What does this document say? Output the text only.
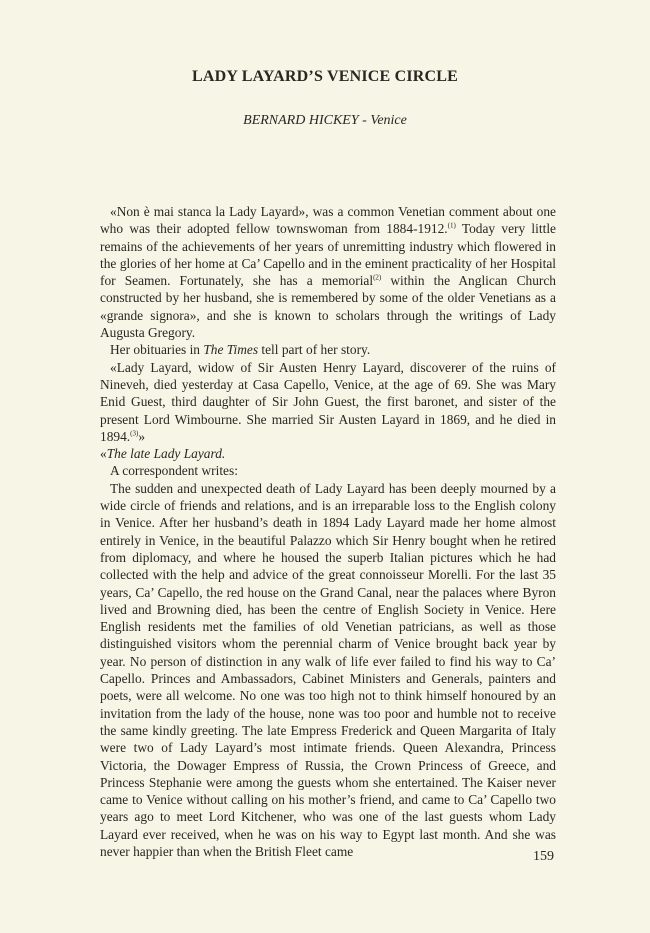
LADY LAYARD’S VENICE CIRCLE
BERNARD HICKEY - Venice

«Non è mai stanca la Lady Layard», was a common Venetian comment about one who was their adopted fellow townswoman from 1884-1912.$^{(1)}$ Today very little remains of the achievements of her years of unremitting industry which flowered in the glories of her home at Ca’ Capello and in the eminent practicality of her Hospital for Seamen. Fortunately, she has a memorial$^{(2)}$ within the Anglican Church constructed by her husband, she is remembered by some of the older Venetians as a «grande signora», and she is known to scholars through the writings of Lady Augusta Gregory.

Her obituaries in The Times tell part of her story.

«Lady Layard, widow of Sir Austen Henry Layard, discoverer of the ruins of Nineveh, died yesterday at Casa Capello, Venice, at the age of 69. She was Mary Enid Guest, third daughter of Sir John Guest, the first baronet, and sister of the present Lord Wimbourne. She married Sir Austen Layard in 1869, and he died in 1894.$^{(3)}$»

«The late Lady Layard.

A correspondent writes:

The sudden and unexpected death of Lady Layard has been deeply mourned by a wide circle of friends and relations, and is an irreparable loss to the English colony in Venice. After her husband’s death in 1894 Lady Layard made her home almost entirely in Venice, in the beautiful Palazzo which Sir Henry bought when he retired from diplomacy, and where he housed the superb Italian pictures which he had collected with the help and advice of the great connoisseur Morelli. For the last 35 years, Ca’ Capello, the red house on the Grand Canal, near the palaces where Byron lived and Browning died, has been the centre of English Society in Venice. Here English residents met the families of old Venetian patricians, as well as those distinguished visitors whom the perennial charm of Venice brought back year by year. No person of distinction in any walk of life ever failed to find his way to Ca’ Capello. Princes and Ambassadors, Cabinet Ministers and Generals, painters and poets, were all welcome. No one was too high not to think himself honoured by an invitation from the lady of the house, none was too poor and humble not to receive the same kindly greeting. The late Empress Frederick and Queen Margarita of Italy were two of Lady Layard’s most intimate friends. Queen Alexandra, Princess Victoria, the Dowager Empress of Russia, the Crown Princess of Greece, and Princess Stephanie were among the guests whom she entertained. The Kaiser never came to Venice without calling on his mother’s friend, and came to Ca’ Capello two years ago to meet Lord Kitchener, who was one of the last guests whom Lady Layard ever received, when he was on his way to Egypt last month. And she was never happier than when the British Fleet came	159
